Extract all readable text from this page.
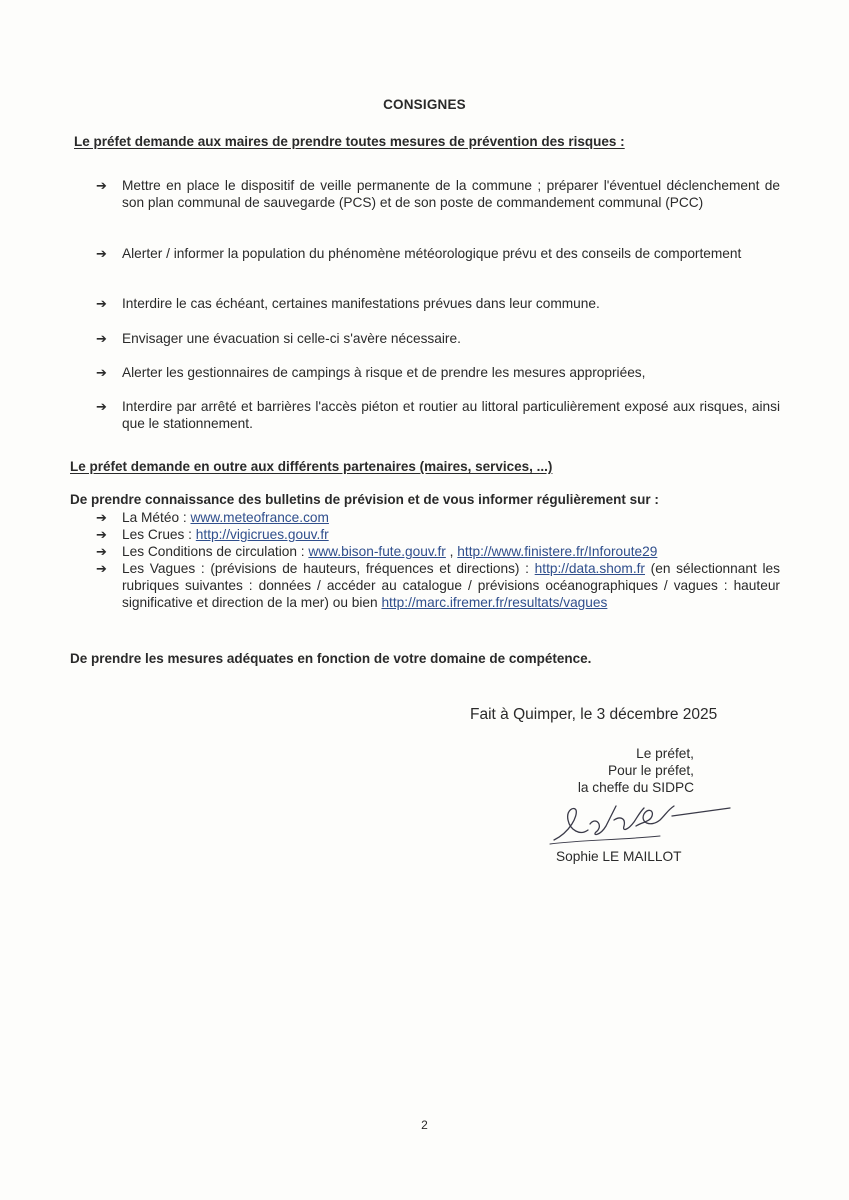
CONSIGNES
Le préfet demande aux maires de prendre toutes mesures de prévention des risques :
➔	Mettre en place le dispositif de veille permanente de la commune ; préparer l'éventuel déclenchement de son plan communal de sauvegarde (PCS) et de son poste de commandement communal (PCC)
➔	Alerter / informer la population du phénomène météorologique prévu et des conseils de comportement
➔	Interdire le cas échéant, certaines manifestations prévues dans leur commune.
➔	Envisager une évacuation si celle-ci s'avère nécessaire.
➔	Alerter les gestionnaires de campings à risque et de prendre les mesures appropriées,
➔	Interdire par arrêté et barrières l'accès piéton et routier au littoral particulièrement exposé aux risques, ainsi que le stationnement.
Le préfet demande en outre aux différents partenaires (maires, services, ...)
De prendre connaissance des bulletins de prévision et de vous informer régulièrement sur :
➔	La Météo : www.meteofrance.com
➔	Les Crues : http://vigicrues.gouv.fr
➔	Les Conditions de circulation : www.bison-fute.gouv.fr , http://www.finistere.fr/Inforoute29
➔	Les Vagues : (prévisions de hauteurs, fréquences et directions) : http://data.shom.fr (en sélectionnant les rubriques suivantes : données / accéder au catalogue / prévisions océanographiques / vagues : hauteur significative et direction de la mer) ou bien http://marc.ifremer.fr/resultats/vagues
De prendre les mesures adéquates en fonction de votre domaine de compétence.
Fait à Quimper, le 3 décembre 2025
Le préfet,
Pour le préfet,
la cheffe du SIDPC
Sophie LE MAILLOT
2
